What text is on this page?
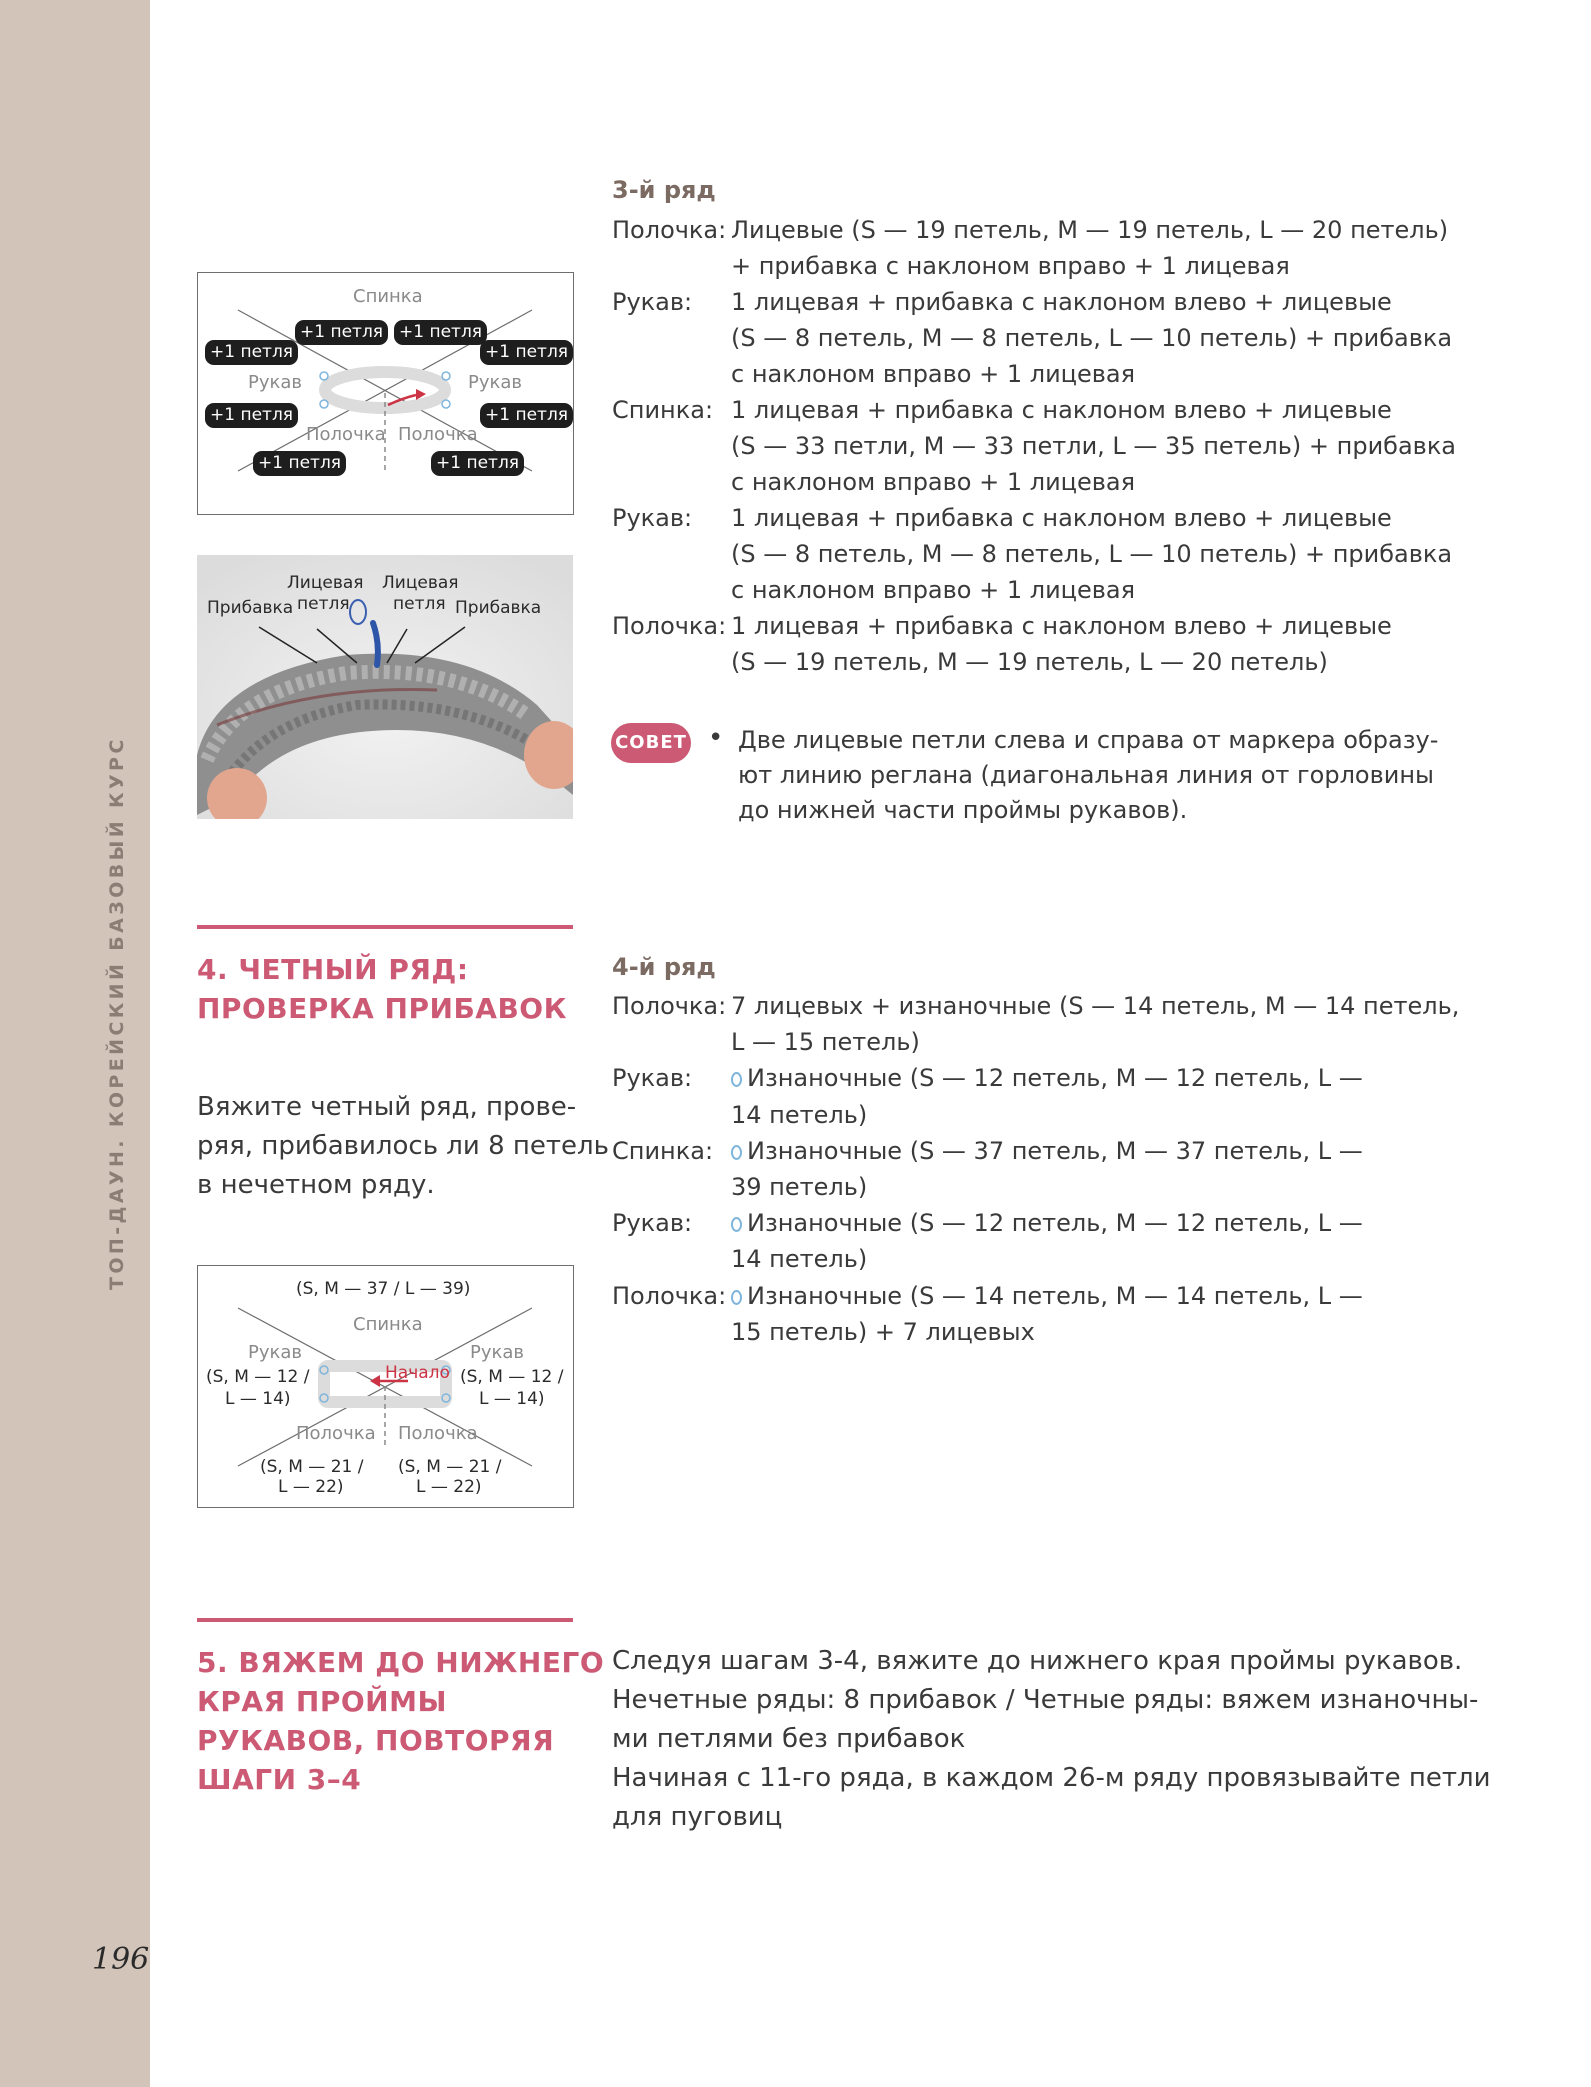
ТОП-ДАУН. КОРЕЙСКИЙ БАЗОВЫЙ КУРС
196
Спинка
Рукав	Рукав
Полочка Полочка
+1 петля +1 петля
+1 петля	+1 петля
+1 петля	+1 петля
+1 петля	+1 петля
Прибавка
Лицевая
петля
Лицевая
петля Прибавка
3-й ряд
Полочка: Лицевые (S — 19 петель, M — 19 петель, L — 20 петель)
+ прибавка с наклоном вправо + 1 лицевая
Рукав: 1 лицевая + прибавка с наклоном влево + лицевые
(S — 8 петель, M — 8 петель, L — 10 петель) + прибавка
с наклоном вправо + 1 лицевая
Спинка: 1 лицевая + прибавка с наклоном влево + лицевые
(S — 33 петли, M — 33 петли, L — 35 петель) + прибавка
с наклоном вправо + 1 лицевая
Рукав: 1 лицевая + прибавка с наклоном влево + лицевые
(S — 8 петель, M — 8 петель, L — 10 петель) + прибавка
с наклоном вправо + 1 лицевая
Полочка: 1 лицевая + прибавка с наклоном влево + лицевые
(S — 19 петель, M — 19 петель, L — 20 петель)
СОВЕТ • Две лицевые петли слева и справа от маркера образу-
ют линию реглана (диагональная линия от горловины
до нижней части проймы рукавов).
4. ЧЕТНЫЙ РЯД:
ПРОВЕРКА ПРИБАВОК
Вяжите четный ряд, прове-
ряя, прибавилось ли 8 петель
в нечетном ряду.
(S, M — 37 / L — 39)
Спинка
Начало
Рукав
(S, M — 12 /
L — 14)
Рукав
(S, M — 12 /
L — 14)
Полочка
(S, M — 21 /
L — 22)
Полочка
(S, M — 21 /
L — 22)
4-й ряд
Полочка: 7 лицевых + изнаночные (S — 14 петель, M — 14 петель,
L — 15 петель)
Рукав:	Изнаночные (S — 12 петель, M — 12 петель, L —
14 петель)
Спинка:	Изнаночные (S — 37 петель, M — 37 петель, L —
39 петель)
Рукав:	Изнаночные (S — 12 петель, M — 12 петель, L —
14 петель)
Полочка: Изнаночные (S — 14 петель, M — 14 петель, L —
15 петель) + 7 лицевых
5. ВЯЖЕМ ДО НИЖНЕГО
КРАЯ ПРОЙМЫ
РУКАВОВ, ПОВТОРЯЯ
ШАГИ 3–4
Следуя шагам 3-4, вяжите до нижнего края проймы рукавов.
Нечетные ряды: 8 прибавок / Четные ряды: вяжем изнаночны-
ми петлями без прибавок
Начиная с 11-го ряда, в каждом 26-м ряду провязывайте петли
для пуговиц
